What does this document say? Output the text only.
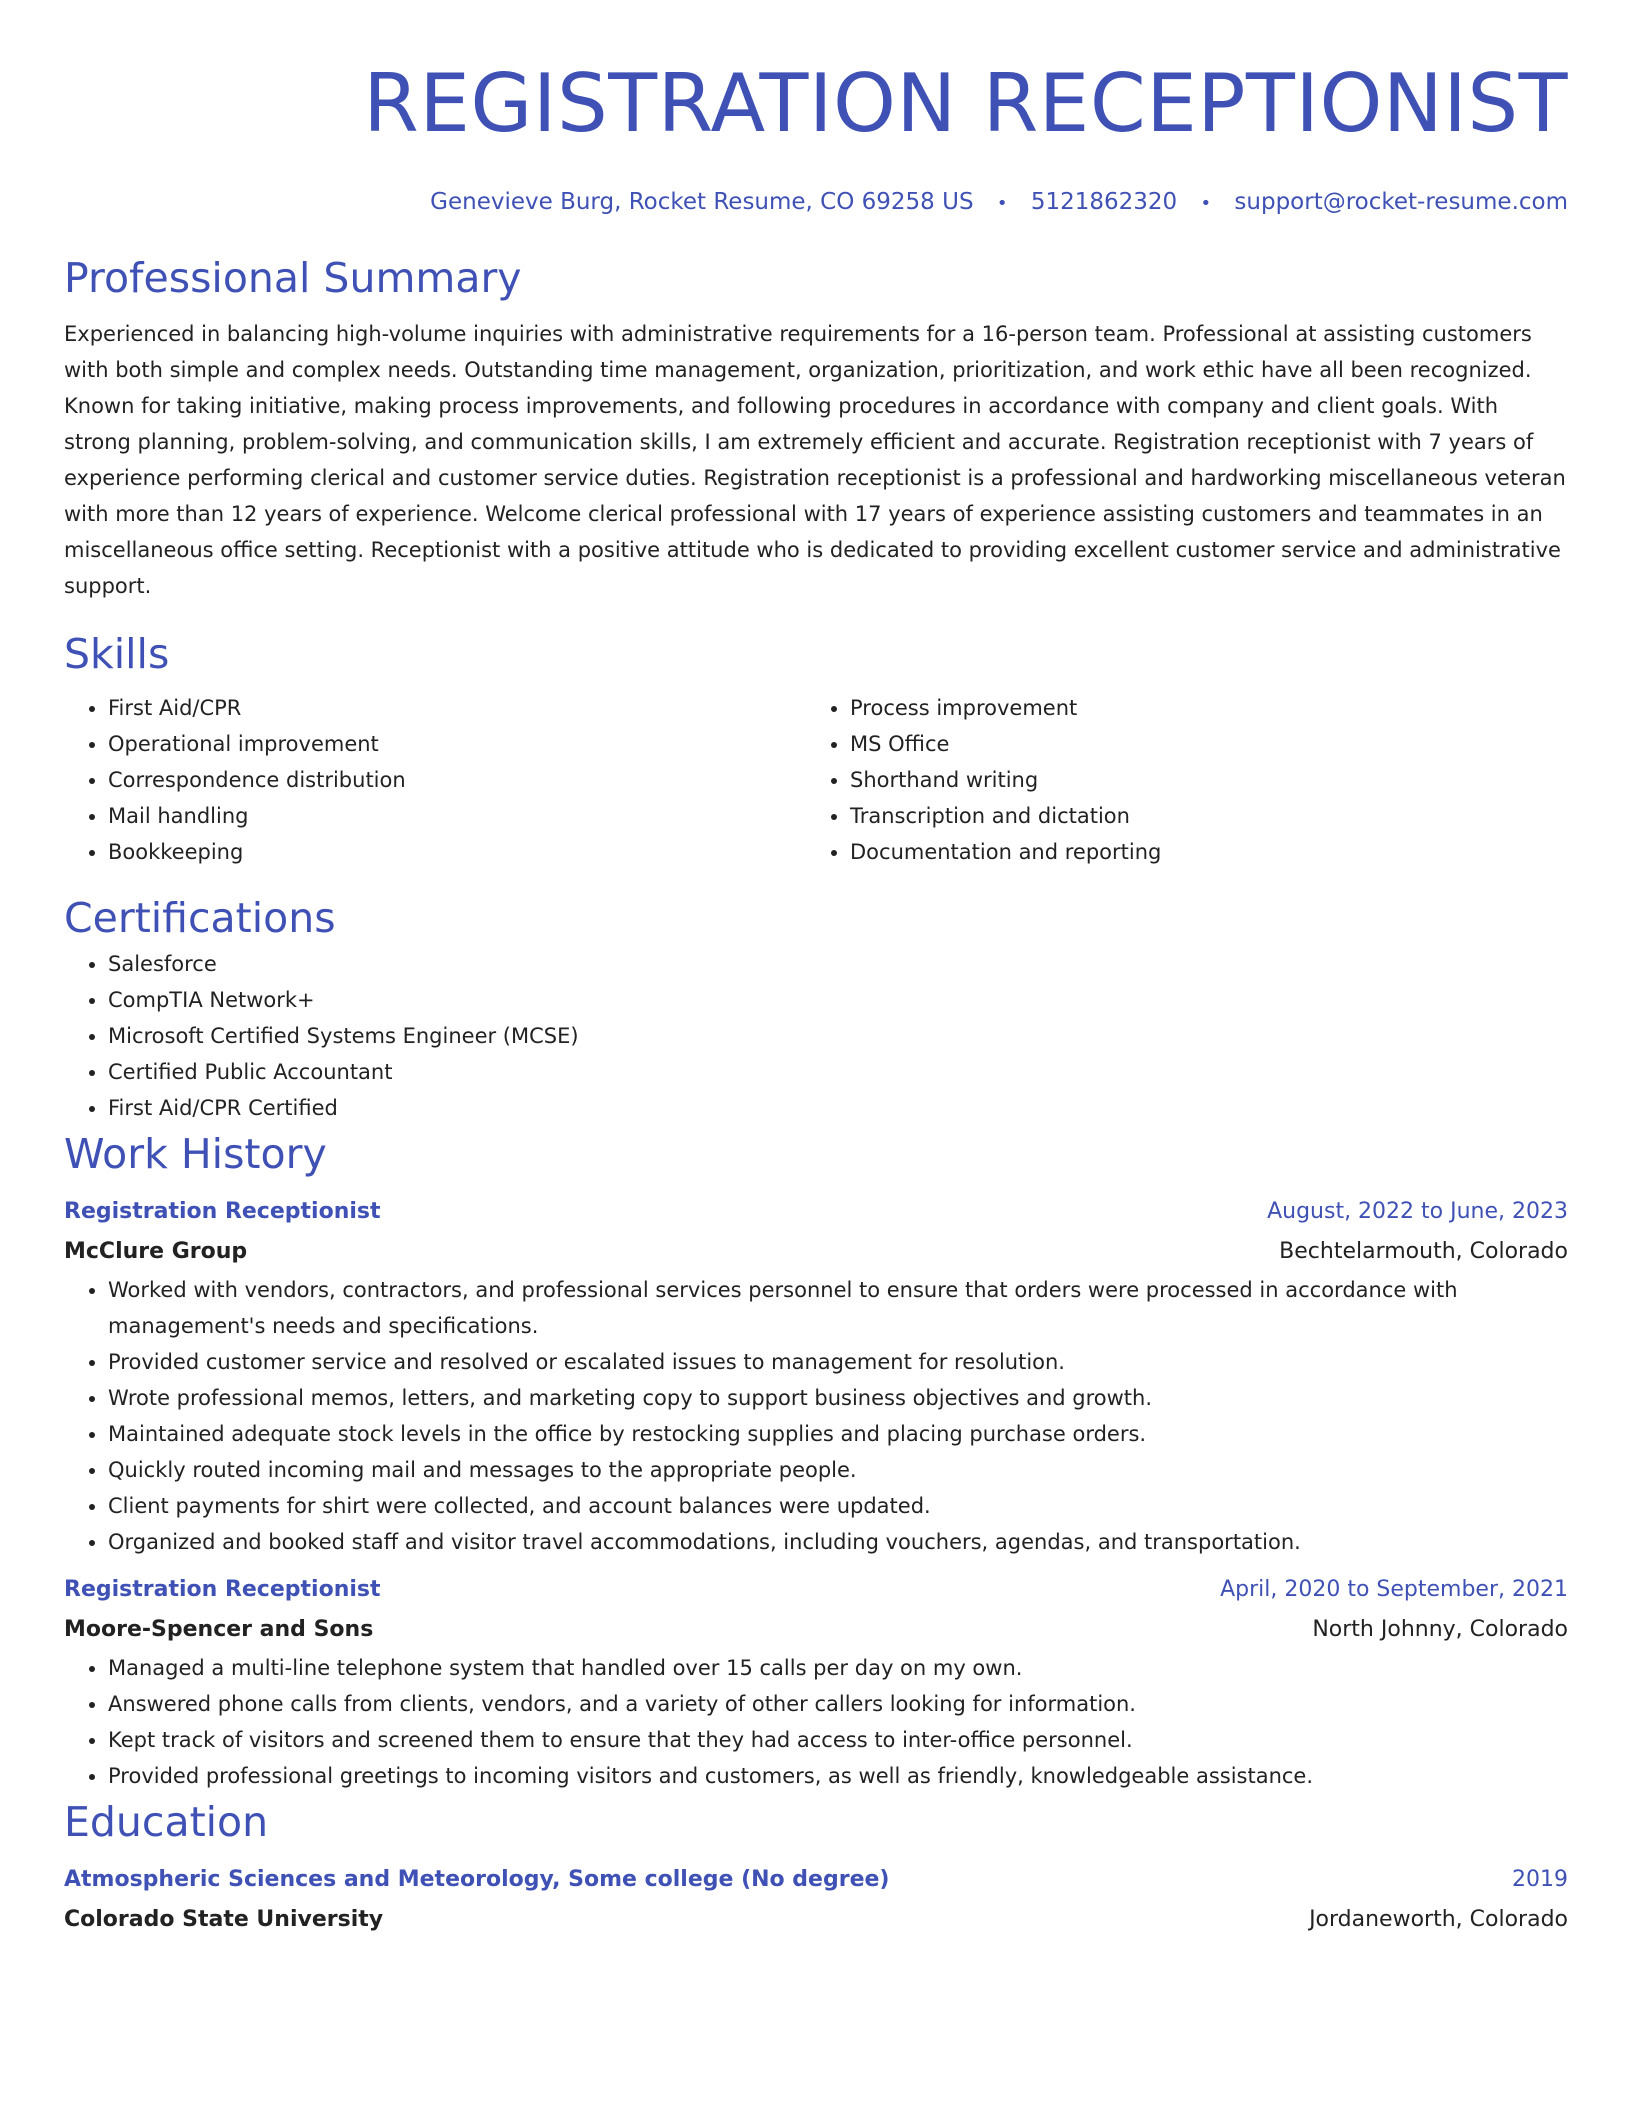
REGISTRATION RECEPTIONIST
Genevieve Burg, Rocket Resume, CO 69258 US • 5121862320 • support@rocket-resume.com
Professional Summary
Experienced in balancing high-volume inquiries with administrative requirements for a 16-person team. Professional at assisting customers with both simple and complex needs. Outstanding time management, organization, prioritization, and work ethic have all been recognized. Known for taking initiative, making process improvements, and following procedures in accordance with company and client goals. With strong planning, problem-solving, and communication skills, I am extremely efficient and accurate. Registration receptionist with 7 years of experience performing clerical and customer service duties. Registration receptionist is a professional and hardworking miscellaneous veteran with more than 12 years of experience. Welcome clerical professional with 17 years of experience assisting customers and teammates in an miscellaneous office setting. Receptionist with a positive attitude who is dedicated to providing excellent customer service and administrative support.
Skills
• First Aid/CPR
• Operational improvement
• Correspondence distribution
• Mail handling
• Bookkeeping
• Process improvement
• MS Office
• Shorthand writing
• Transcription and dictation
• Documentation and reporting
Certifications
• Salesforce
• CompTIA Network+
• Microsoft Certified Systems Engineer (MCSE)
• Certified Public Accountant
• First Aid/CPR Certified
Work History
Registration Receptionist	August, 2022 to June, 2023
McClure Group	Bechtelarmouth, Colorado
• Worked with vendors, contractors, and professional services personnel to ensure that orders were processed in accordance with management's needs and specifications.
• Provided customer service and resolved or escalated issues to management for resolution.
• Wrote professional memos, letters, and marketing copy to support business objectives and growth.
• Maintained adequate stock levels in the office by restocking supplies and placing purchase orders.
• Quickly routed incoming mail and messages to the appropriate people.
• Client payments for shirt were collected, and account balances were updated.
• Organized and booked staff and visitor travel accommodations, including vouchers, agendas, and transportation.
Registration Receptionist	April, 2020 to September, 2021
Moore-Spencer and Sons	North Johnny, Colorado
• Managed a multi-line telephone system that handled over 15 calls per day on my own.
• Answered phone calls from clients, vendors, and a variety of other callers looking for information.
• Kept track of visitors and screened them to ensure that they had access to inter-office personnel.
• Provided professional greetings to incoming visitors and customers, as well as friendly, knowledgeable assistance.
Education
Atmospheric Sciences and Meteorology, Some college (No degree)	2019
Colorado State University	Jordaneworth, Colorado
